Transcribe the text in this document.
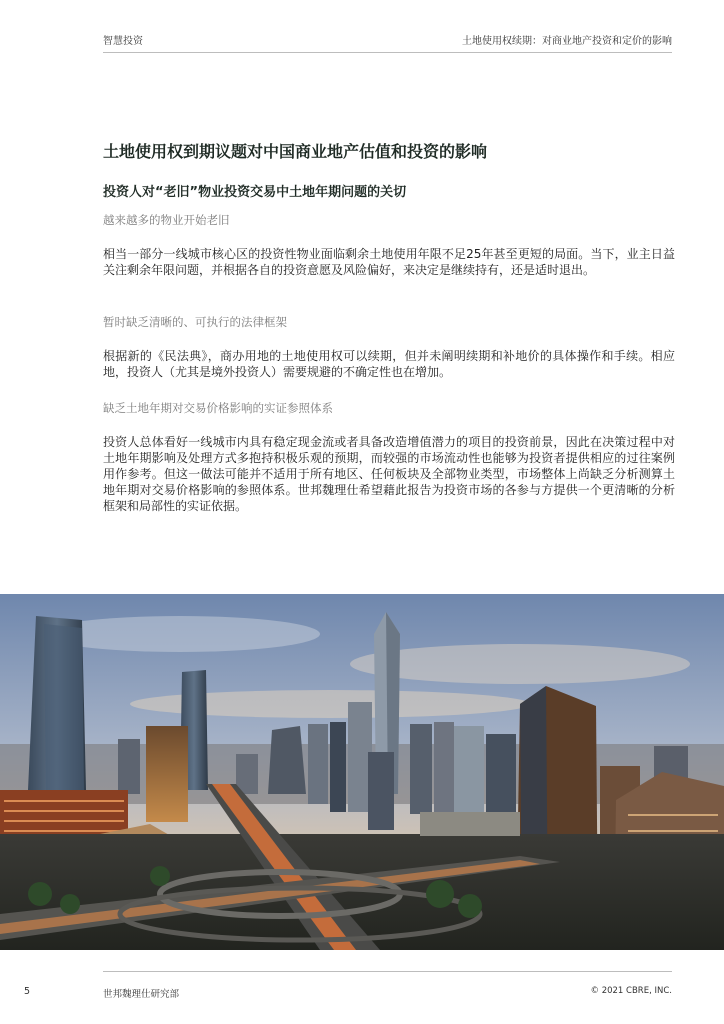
智慧投资	土地使用权续期：对商业地产投资和定价的影响
土地使用权到期议题对中国商业地产估值和投资的影响
投资人对“老旧”物业投资交易中土地年期问题的关切

越来越多的物业开始老旧

相当一部分一线城市核心区的投资性物业面临剩余土地使用年限不足25年甚至更短的局面。当下，业主日益关注剩余年限问题，并根据各自的投资意愿及风险偏好，来决定是继续持有，还是适时退出。

暂时缺乏清晰的、可执行的法律框架

根据新的《民法典》，商办用地的土地使用权可以续期，但并未阐明续期和补地价的具体操作和手续。相应地，投资人（尤其是境外投资人）需要规避的不确定性也在增加。

缺乏土地年期对交易价格影响的实证参照体系

投资人总体看好一线城市内具有稳定现金流或者具备改造增值潜力的项目的投资前景，因此在决策过程中对土地年期影响及处理方式多抱持积极乐观的预期，而较强的市场流动性也能够为投资者提供相应的过往案例用作参考。但这一做法可能并不适用于所有地区、任何板块及全部物业类型，市场整体上尚缺乏分析测算土地年期对交易价格影响的参照体系。世邦魏理仕希望藉此报告为投资市场的各参与方提供一个更清晰的分析框架和局部性的实证依据。

5	世邦魏理仕研究部	© 2021 CBRE, INC.
